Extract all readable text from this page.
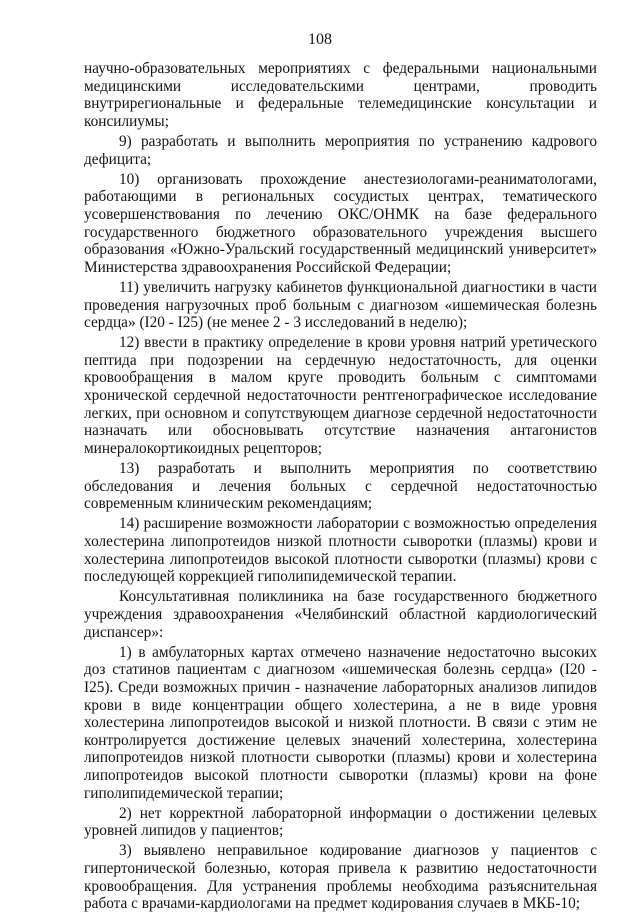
108

научно-образовательных мероприятиях с федеральными национальными медицинскими исследовательскими центрами, проводить внутрирегиональные и федеральные телемедицинские консультации и консилиумы;

9) разработать и выполнить мероприятия по устранению кадрового дефицита;

10) организовать прохождение анестезиологами-реаниматологами, работающими в региональных сосудистых центрах, тематического усовершенствования по лечению ОКС/ОНМК на базе федерального государственного бюджетного образовательного учреждения высшего образования «Южно-Уральский государственный медицинский университет» Министерства здравоохранения Российской Федерации;

11) увеличить нагрузку кабинетов функциональной диагностики в части проведения нагрузочных проб больным с диагнозом «ишемическая болезнь сердца» (I20 - I25) (не менее 2 - 3 исследований в неделю);

12) ввести в практику определение в крови уровня натрий уретического пептида при подозрении на сердечную недостаточность, для оценки кровообращения в малом круге проводить больным с симптомами хронической сердечной недостаточности рентгенографическое исследование легких, при основном и сопутствующем диагнозе сердечной недостаточности назначать или обосновывать отсутствие назначения антагонистов минералокортикоидных рецепторов;

13) разработать и выполнить мероприятия по соответствию обследования и лечения больных с сердечной недостаточностью современным клиническим рекомендациям;

14) расширение возможности лаборатории с возможностью определения холестерина липопротеидов низкой плотности сыворотки (плазмы) крови и холестерина липопротеидов высокой плотности сыворотки (плазмы) крови с последующей коррекцией гиполипидемической терапии.

Консультативная поликлиника на базе государственного бюджетного учреждения здравоохранения «Челябинский областной кардиологический диспансер»:

1) в амбулаторных картах отмечено назначение недостаточно высоких доз статинов пациентам с диагнозом «ишемическая болезнь сердца» (I20 - I25). Среди возможных причин - назначение лабораторных анализов липидов крови в виде концентрации общего холестерина, а не в виде уровня холестерина липопротеидов высокой и низкой плотности. В связи с этим не контролируется достижение целевых значений холестерина, холестерина липопротеидов низкой плотности сыворотки (плазмы) крови и холестерина липопротеидов высокой плотности сыворотки (плазмы) крови на фоне гиполипидемической терапии;

2) нет корректной лабораторной информации о достижении целевых уровней липидов у пациентов;

3) выявлено неправильное кодирование диагнозов у пациентов с гипертонической болезнью, которая привела к развитию недостаточности кровообращения. Для устранения проблемы необходима разъяснительная работа с врачами-кардиологами на предмет кодирования случаев в МКБ-10;
